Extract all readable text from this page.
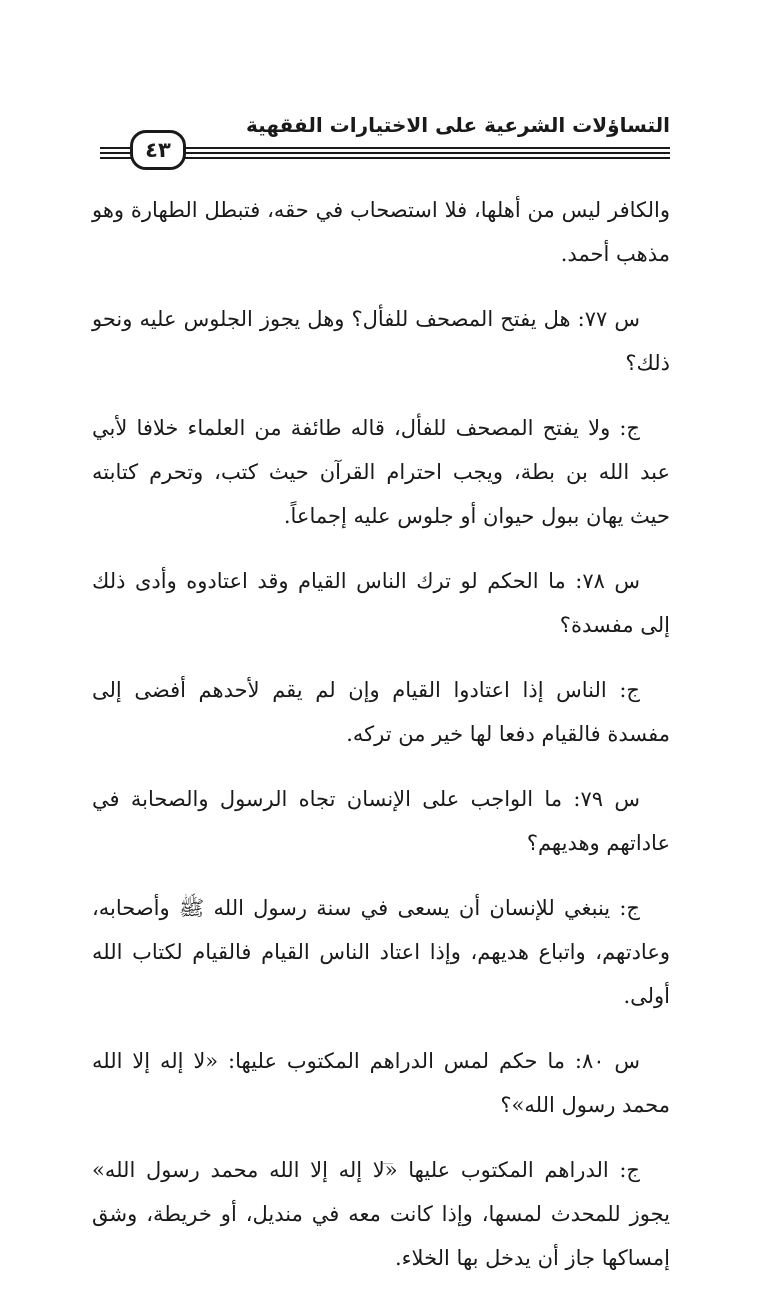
التساؤلات الشرعية على الاختيارات الفقهية
٤٣

والكافر ليس من أهلها، فلا استصحاب في حقه، فتبطل الطهارة وهو مذهب أحمد.

س ٧٧: هل يفتح المصحف للفأل؟ وهل يجوز الجلوس عليه ونحو ذلك؟

ج: ولا يفتح المصحف للفأل، قاله طائفة من العلماء خلافا لأبي عبد الله بن بطة، ويجب احترام القرآن حيث كتب، وتحرم كتابته حيث يهان ببول حيوان أو جلوس عليه إجماعاً.

س ٧٨: ما الحكم لو ترك الناس القيام وقد اعتادوه وأدى ذلك إلى مفسدة؟

ج: الناس إذا اعتادوا القيام وإن لم يقم لأحدهم أفضى إلى مفسدة فالقيام دفعا لها خير من تركه.

س ٧٩: ما الواجب على الإنسان تجاه الرسول والصحابة في عاداتهم وهديهم؟

ج: ينبغي للإنسان أن يسعى في سنة رسول الله ﷺ وأصحابه، وعادتهم، واتباع هديهم، وإذا اعتاد الناس القيام فالقيام لكتاب الله أولى.

س ٨٠: ما حكم لمس الدراهم المكتوب عليها: «لا إله إلا الله محمد رسول الله»؟

ج: الدراهم المكتوب عليها «لا إله إلا الله محمد رسول الله» يجوز للمحدث لمسها، وإذا كانت معه في منديل، أو خريطة، وشق إمساكها جاز أن يدخل بها الخلاء.
